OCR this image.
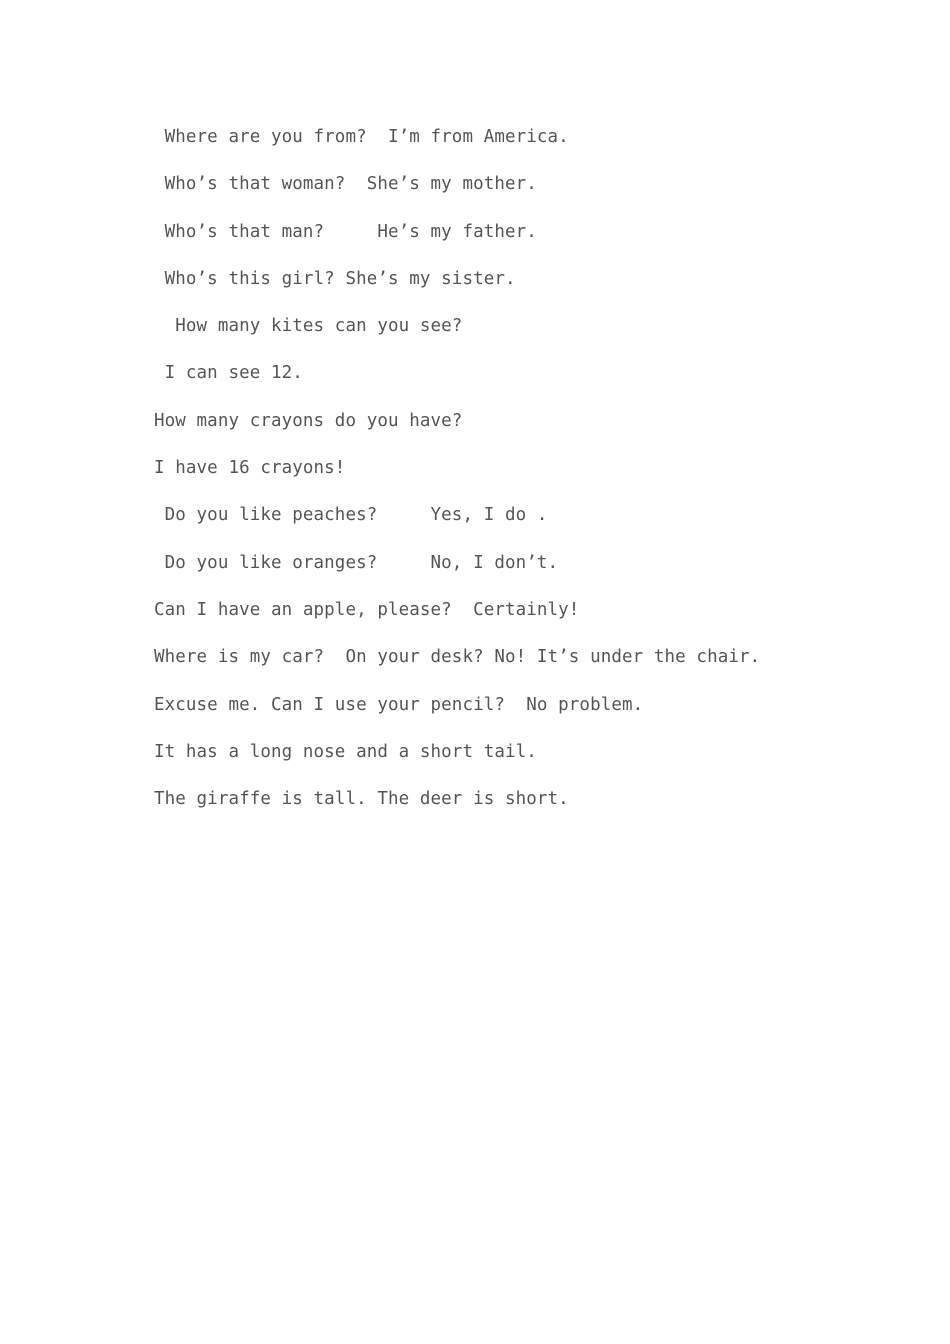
Where are you from?  I’m from America.
Who’s that woman?  She’s my mother.
Who’s that man?     He’s my father.
Who’s this girl? She’s my sister.
How many kites can you see?
I can see 12.
How many crayons do you have?
I have 16 crayons!
Do you like peaches?     Yes, I do .
Do you like oranges?     No, I don’t.
Can I have an apple, please?  Certainly!
Where is my car?  On your desk? No! It’s under the chair.
Excuse me. Can I use your pencil?  No problem.
It has a long nose and a short tail.
The giraffe is tall. The deer is short.
